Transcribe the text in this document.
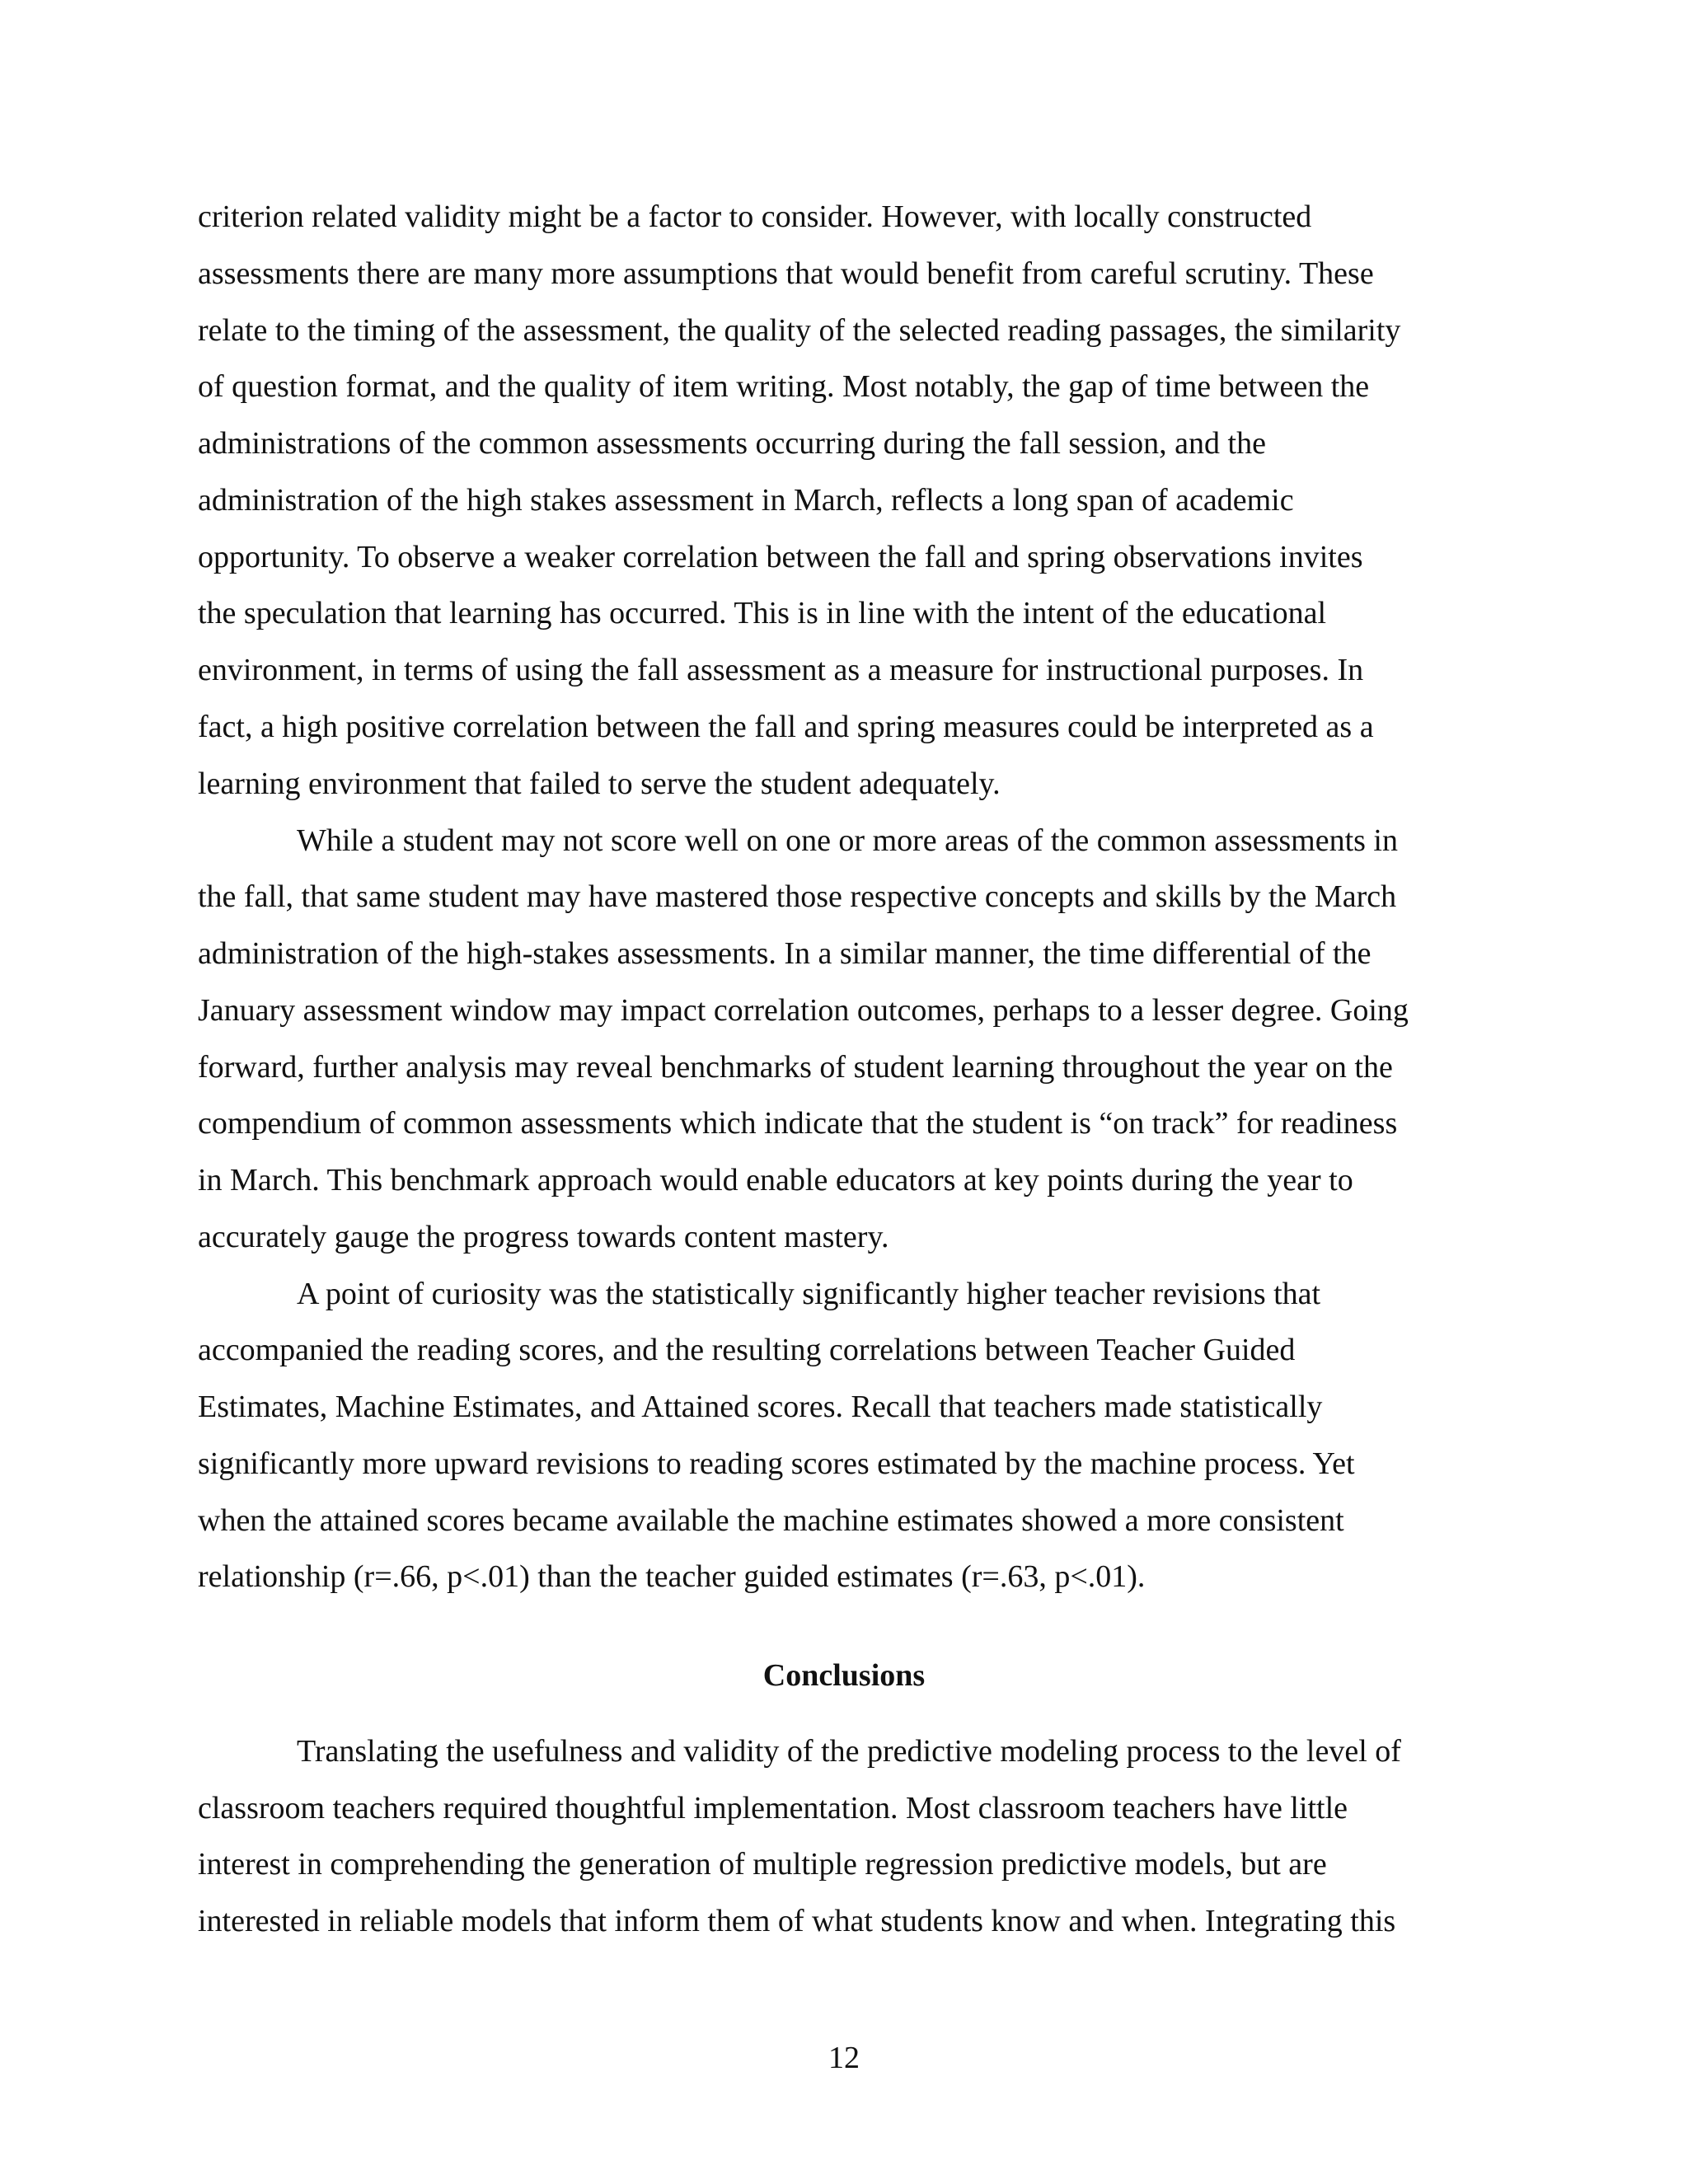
criterion related validity might be a factor to consider. However, with locally constructed
assessments there are many more assumptions that would benefit from careful scrutiny. These
relate to the timing of the assessment, the quality of the selected reading passages, the similarity
of question format, and the quality of item writing. Most notably, the gap of time between the
administrations of the common assessments occurring during the fall session, and the
administration of the high stakes assessment in March, reflects a long span of academic
opportunity. To observe a weaker correlation between the fall and spring observations invites
the speculation that learning has occurred. This is in line with the intent of the educational
environment, in terms of using the fall assessment as a measure for instructional purposes. In
fact, a high positive correlation between the fall and spring measures could be interpreted as a
learning environment that failed to serve the student adequately.
While a student may not score well on one or more areas of the common assessments in
the fall, that same student may have mastered those respective concepts and skills by the March
administration of the high-stakes assessments. In a similar manner, the time differential of the
January assessment window may impact correlation outcomes, perhaps to a lesser degree. Going
forward, further analysis may reveal benchmarks of student learning throughout the year on the
compendium of common assessments which indicate that the student is “on track” for readiness
in March. This benchmark approach would enable educators at key points during the year to
accurately gauge the progress towards content mastery.
A point of curiosity was the statistically significantly higher teacher revisions that
accompanied the reading scores, and the resulting correlations between Teacher Guided
Estimates, Machine Estimates, and Attained scores. Recall that teachers made statistically
significantly more upward revisions to reading scores estimated by the machine process. Yet
when the attained scores became available the machine estimates showed a more consistent
relationship (r=.66, p<.01) than the teacher guided estimates (r=.63, p<.01).
Conclusions
Translating the usefulness and validity of the predictive modeling process to the level of
classroom teachers required thoughtful implementation. Most classroom teachers have little
interest in comprehending the generation of multiple regression predictive models, but are
interested in reliable models that inform them of what students know and when. Integrating this
12
